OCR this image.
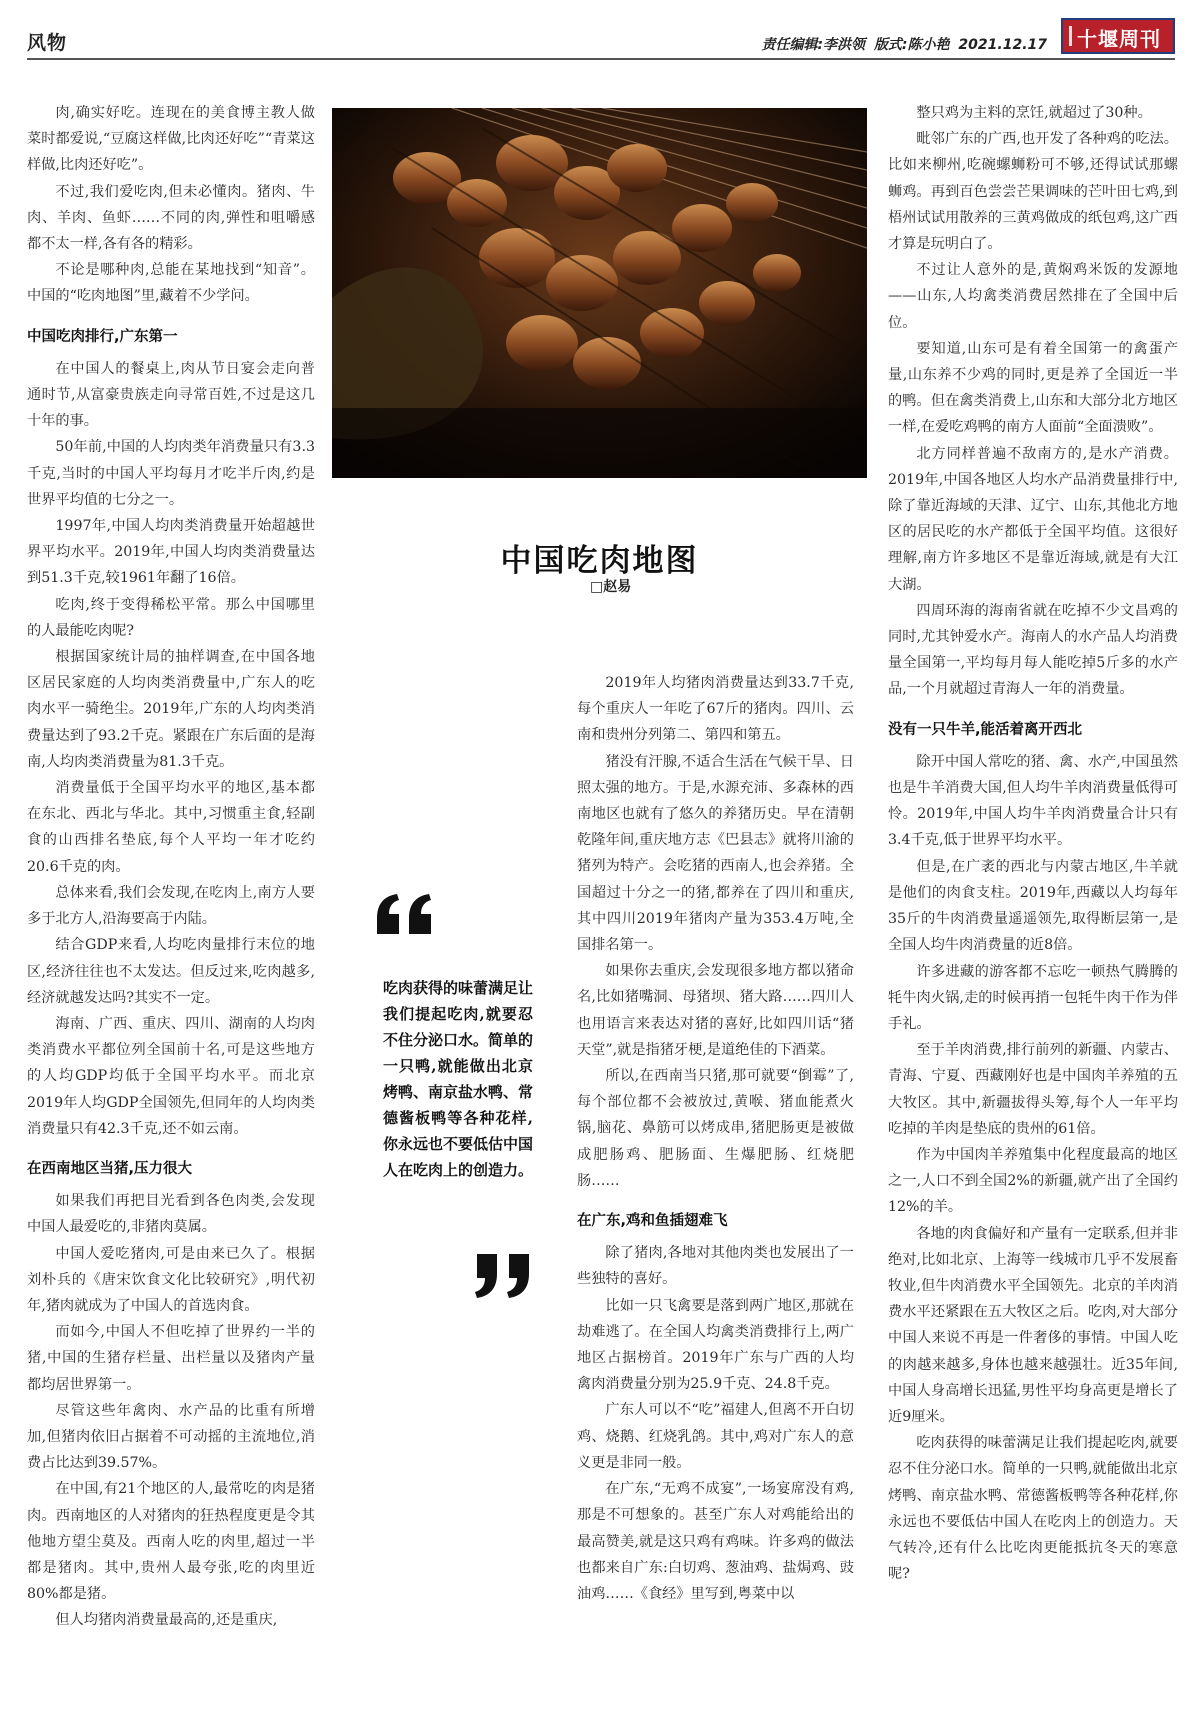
风物	责任编辑:李洪领 版式:陈小艳 2021.12.17 十堰周刊

肉,确实好吃。连现在的美食博主教人做菜时都爱说,“豆腐这样做,比肉还好吃”“青菜这样做,比肉还好吃”。

不过,我们爱吃肉,但未必懂肉。猪肉、牛肉、羊肉、鱼虾……不同的肉,弹性和咀嚼感都不太一样,各有各的精彩。

不论是哪种肉,总能在某地找到“知音”。中国的“吃肉地图”里,藏着不少学问。

中国吃肉排行,广东第一

在中国人的餐桌上,肉从节日宴会走向普通时节,从富豪贵族走向寻常百姓,不过是这几十年的事。

50年前,中国的人均肉类年消费量只有3.3千克,当时的中国人平均每月才吃半斤肉,约是世界平均值的七分之一。

1997年,中国人均肉类消费量开始超越世界平均水平。2019年,中国人均肉类消费量达到51.3千克,较1961年翻了16倍。

吃肉,终于变得稀松平常。那么中国哪里的人最能吃肉呢?

根据国家统计局的抽样调查,在中国各地区居民家庭的人均肉类消费量中,广东人的吃肉水平一骑绝尘。2019年,广东的人均肉类消费量达到了93.2千克。紧跟在广东后面的是海南,人均肉类消费量为81.3千克。

消费量低于全国平均水平的地区,基本都在东北、西北与华北。其中,习惯重主食,轻副食的山西排名垫底,每个人平均一年才吃约20.6千克的肉。

总体来看,我们会发现,在吃肉上,南方人要多于北方人,沿海要高于内陆。

结合GDP来看,人均吃肉量排行末位的地区,经济往往也不太发达。但反过来,吃肉越多,经济就越发达吗?其实不一定。

海南、广西、重庆、四川、湖南的人均肉类消费水平都位列全国前十名,可是这些地方的人均GDP均低于全国平均水平。而北京2019年人均GDP全国领先,但同年的人均肉类消费量只有42.3千克,还不如云南。

在西南地区当猪,压力很大

如果我们再把目光看到各色肉类,会发现中国人最爱吃的,非猪肉莫属。

中国人爱吃猪肉,可是由来已久了。根据刘朴兵的《唐宋饮食文化比较研究》,明代初年,猪肉就成为了中国人的首选肉食。

而如今,中国人不但吃掉了世界约一半的猪,中国的生猪存栏量、出栏量以及猪肉产量都均居世界第一。

尽管这些年禽肉、水产品的比重有所增加,但猪肉依旧占据着不可动摇的主流地位,消费占比达到39.57%。

在中国,有21个地区的人,最常吃的肉是猪肉。西南地区的人对猪肉的狂热程度更是令其他地方望尘莫及。西南人吃的肉里,超过一半都是猪肉。其中,贵州人最夸张,吃的肉里近80%都是猪。

但人均猪肉消费量最高的,还是重庆,

中国吃肉地图
□赵易

吃肉获得的味蕾满足让我们提起吃肉,就要忍不住分泌口水。简单的一只鸭,就能做出北京烤鸭、南京盐水鸭、常德酱板鸭等各种花样,你永远也不要低估中国人在吃肉上的创造力。

2019年人均猪肉消费量达到33.7千克,每个重庆人一年吃了67斤的猪肉。四川、云南和贵州分列第二、第四和第五。

猪没有汗腺,不适合生活在气候干旱、日照太强的地方。于是,水源充沛、多森林的西南地区也就有了悠久的养猪历史。早在清朝乾隆年间,重庆地方志《巴县志》就将川渝的猪列为特产。会吃猪的西南人,也会养猪。全国超过十分之一的猪,都养在了四川和重庆,其中四川2019年猪肉产量为353.4万吨,全国排名第一。

如果你去重庆,会发现很多地方都以猪命名,比如猪嘴洞、母猪坝、猪大路……四川人也用语言来表达对猪的喜好,比如四川话“猪天堂”,就是指猪牙梗,是道绝佳的下酒菜。

所以,在西南当只猪,那可就要“倒霉”了,每个部位都不会被放过,黄喉、猪血能煮火锅,脑花、鼻筋可以烤成串,猪肥肠更是被做成肥肠鸡、肥肠面、生爆肥肠、红烧肥肠……

在广东,鸡和鱼插翅难飞

除了猪肉,各地对其他肉类也发展出了一些独特的喜好。

比如一只飞禽要是落到两广地区,那就在劫难逃了。在全国人均禽类消费排行上,两广地区占据榜首。2019年广东与广西的人均禽肉消费量分别为25.9千克、24.8千克。

广东人可以不“吃”福建人,但离不开白切鸡、烧鹅、红烧乳鸽。其中,鸡对广东人的意义更是非同一般。

在广东,“无鸡不成宴”,一场宴席没有鸡,那是不可想象的。甚至广东人对鸡能给出的最高赞美,就是这只鸡有鸡味。许多鸡的做法也都来自广东:白切鸡、葱油鸡、盐焗鸡、豉油鸡……《食经》里写到,粤菜中以

整只鸡为主料的烹饪,就超过了30种。

毗邻广东的广西,也开发了各种鸡的吃法。比如来柳州,吃碗螺蛳粉可不够,还得试试那螺蛳鸡。再到百色尝尝芒果调味的芒叶田七鸡,到梧州试试用散养的三黄鸡做成的纸包鸡,这广西才算是玩明白了。

不过让人意外的是,黄焖鸡米饭的发源地——山东,人均禽类消费居然排在了全国中后位。

要知道,山东可是有着全国第一的禽蛋产量,山东养不少鸡的同时,更是养了全国近一半的鸭。但在禽类消费上,山东和大部分北方地区一样,在爱吃鸡鸭的南方人面前“全面溃败”。

北方同样普遍不敌南方的,是水产消费。2019年,中国各地区人均水产品消费量排行中,除了靠近海域的天津、辽宁、山东,其他北方地区的居民吃的水产都低于全国平均值。这很好理解,南方许多地区不是靠近海域,就是有大江大湖。

四周环海的海南省就在吃掉不少文昌鸡的同时,尤其钟爱水产。海南人的水产品人均消费量全国第一,平均每月每人能吃掉5斤多的水产品,一个月就超过青海人一年的消费量。

没有一只牛羊,能活着离开西北

除开中国人常吃的猪、禽、水产,中国虽然也是牛羊消费大国,但人均牛羊肉消费量低得可怜。2019年,中国人均牛羊肉消费量合计只有3.4千克,低于世界平均水平。

但是,在广袤的西北与内蒙古地区,牛羊就是他们的肉食支柱。2019年,西藏以人均每年35斤的牛肉消费量遥遥领先,取得断层第一,是全国人均牛肉消费量的近8倍。

许多进藏的游客都不忘吃一顿热气腾腾的牦牛肉火锅,走的时候再捎一包牦牛肉干作为伴手礼。

至于羊肉消费,排行前列的新疆、内蒙古、青海、宁夏、西藏刚好也是中国肉羊养殖的五大牧区。其中,新疆拔得头筹,每个人一年平均吃掉的羊肉是垫底的贵州的61倍。

作为中国肉羊养殖集中化程度最高的地区之一,人口不到全国2%的新疆,就产出了全国约12%的羊。

各地的肉食偏好和产量有一定联系,但并非绝对,比如北京、上海等一线城市几乎不发展畜牧业,但牛肉消费水平全国领先。北京的羊肉消费水平还紧跟在五大牧区之后。吃肉,对大部分中国人来说不再是一件奢侈的事情。中国人吃的肉越来越多,身体也越来越强壮。近35年间,中国人身高增长迅猛,男性平均身高更是增长了近9厘米。

吃肉获得的味蕾满足让我们提起吃肉,就要忍不住分泌口水。简单的一只鸭,就能做出北京烤鸭、南京盐水鸭、常德酱板鸭等各种花样,你永远也不要低估中国人在吃肉上的创造力。天气转冷,还有什么比吃肉更能抵抗冬天的寒意呢?
